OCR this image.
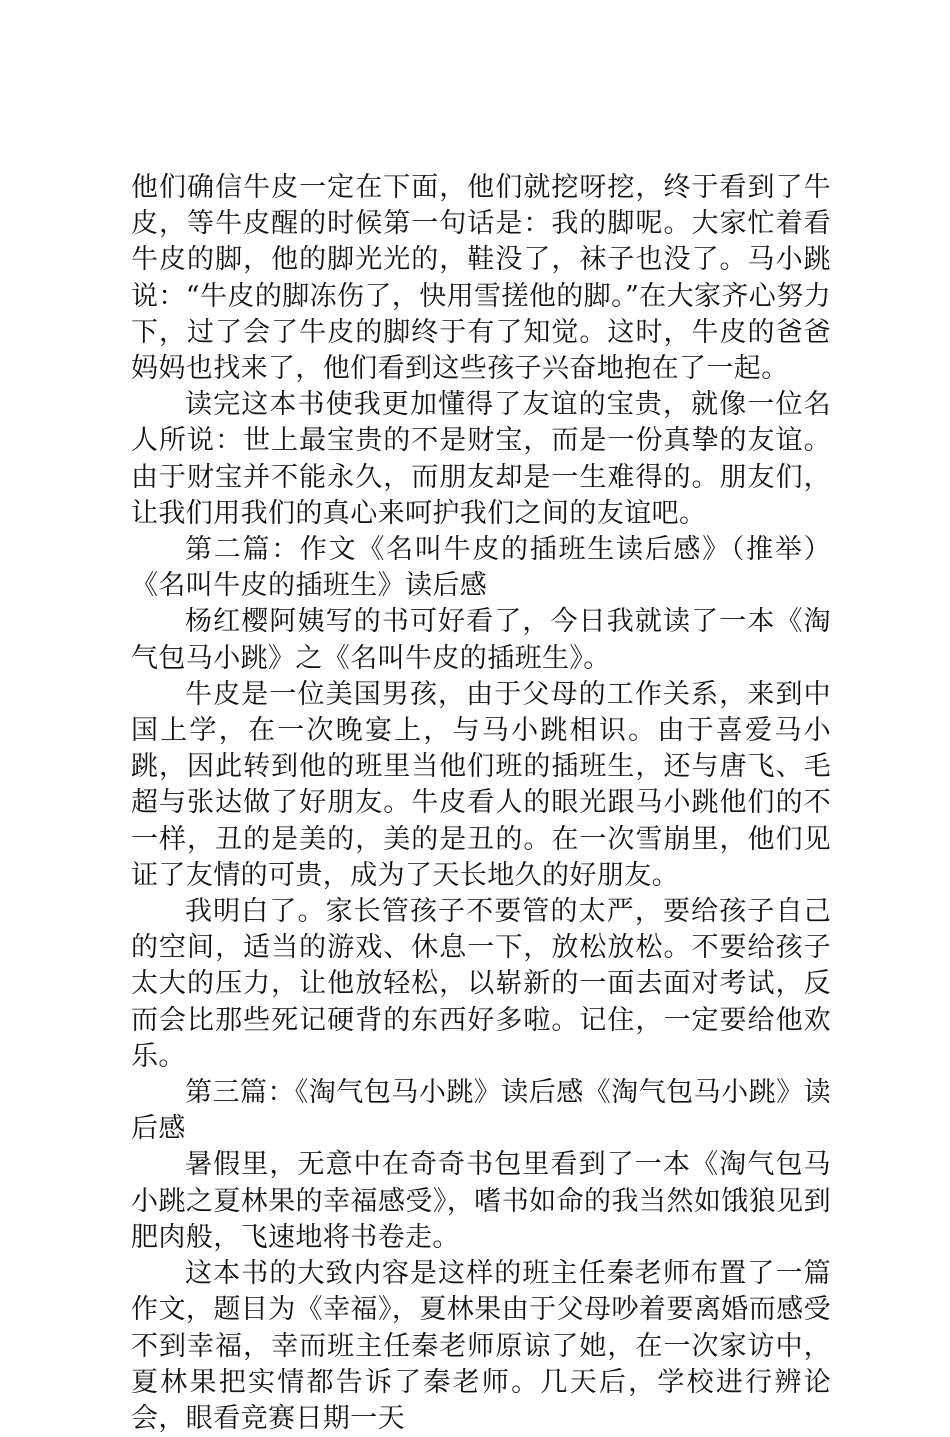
他们确信牛皮一定在下面，他们就挖呀挖，终于看到了牛皮，等牛皮醒的时候第一句话是：我的脚呢。大家忙着看牛皮的脚，他的脚光光的，鞋没了，袜子也没了。马小跳说：“牛皮的脚冻伤了，快用雪搓他的脚。”在大家齐心努力下，过了会了牛皮的脚终于有了知觉。这时，牛皮的爸爸妈妈也找来了，他们看到这些孩子兴奋地抱在了一起。

读完这本书使我更加懂得了友谊的宝贵，就像一位名人所说：世上最宝贵的不是财宝，而是一份真挚的友谊。由于财宝并不能永久，而朋友却是一生难得的。朋友们，让我们用我们的真心来呵护我们之间的友谊吧。

第二篇：作文《名叫牛皮的插班生读后感》（推举）《名叫牛皮的插班生》读后感

杨红樱阿姨写的书可好看了，今日我就读了一本《淘气包马小跳》之《名叫牛皮的插班生》。

牛皮是一位美国男孩，由于父母的工作关系，来到中国上学，在一次晚宴上，与马小跳相识。由于喜爱马小跳，因此转到他的班里当他们班的插班生，还与唐飞、毛超与张达做了好朋友。牛皮看人的眼光跟马小跳他们的不一样，丑的是美的，美的是丑的。在一次雪崩里，他们见证了友情的可贵，成为了天长地久的好朋友。

我明白了。家长管孩子不要管的太严，要给孩子自己的空间，适当的游戏、休息一下，放松放松。不要给孩子太大的压力，让他放轻松，以崭新的一面去面对考试，反而会比那些死记硬背的东西好多啦。记住，一定要给他欢乐。

第三篇：《淘气包马小跳》读后感《淘气包马小跳》读后感

暑假里，无意中在奇奇书包里看到了一本《淘气包马小跳之夏林果的幸福感受》，嗜书如命的我当然如饿狼见到肥肉般，飞速地将书卷走。

这本书的大致内容是这样的班主任秦老师布置了一篇作文，题目为《幸福》，夏林果由于父母吵着要离婚而感受不到幸福，幸而班主任秦老师原谅了她，在一次家访中，夏林果把实情都告诉了秦老师。几天后，学校进行辨论会，眼看竞赛日期一天
